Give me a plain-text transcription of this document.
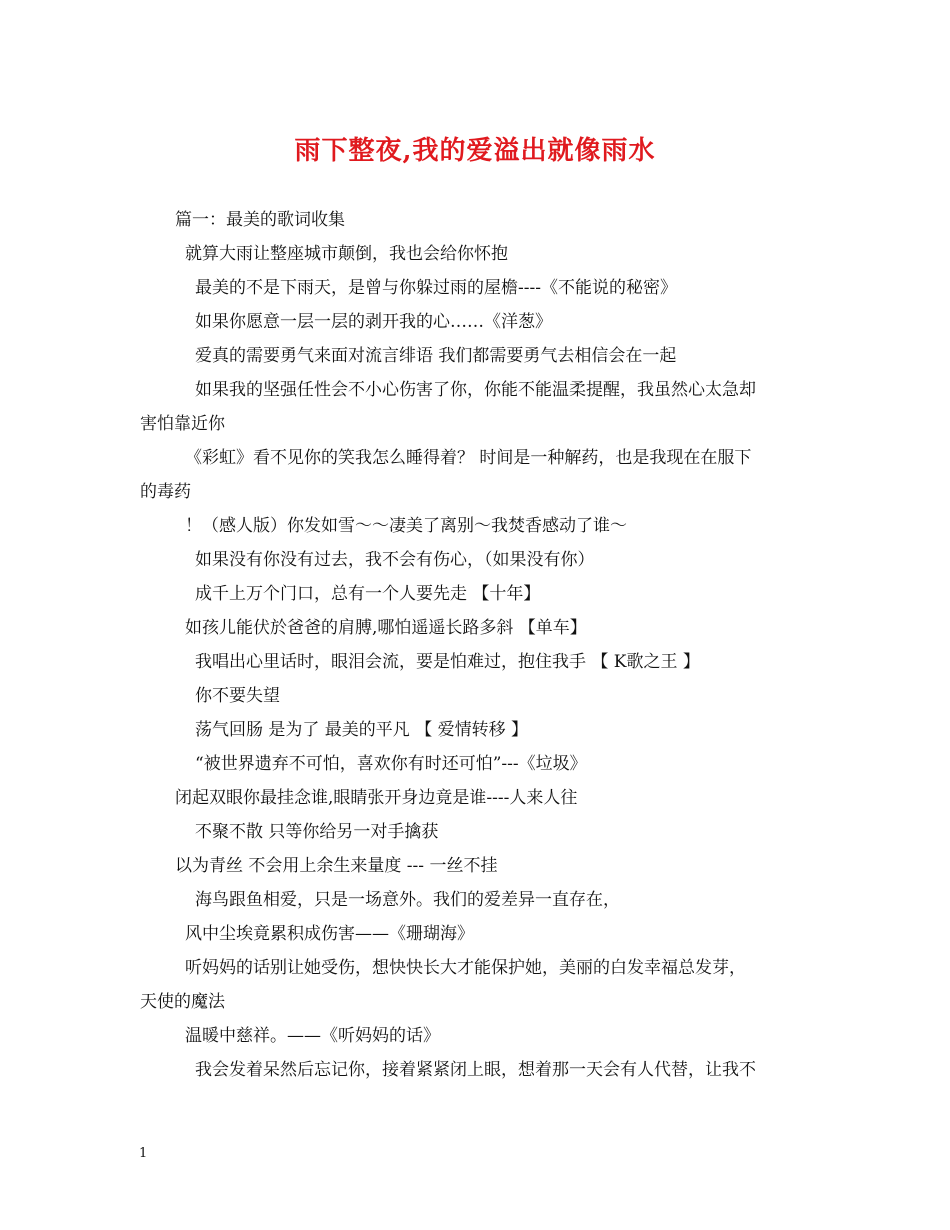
雨下整夜,我的爱溢出就像雨水
篇一：最美的歌词收集
就算大雨让整座城市颠倒，我也会给你怀抱
最美的不是下雨天，是曾与你躲过雨的屋檐----《不能说的秘密》
如果你愿意一层一层的剥开我的心……《洋葱》
爱真的需要勇气来面对流言绯语 我们都需要勇气去相信会在一起
如果我的坚强任性会不小心伤害了你，你能不能温柔提醒，我虽然心太急却
害怕靠近你
《彩虹》看不见你的笑我怎么睡得着？ 时间是一种解药，也是我现在在服下
的毒药
！（感人版）你发如雪～～凄美了离别～我焚香感动了谁～
如果没有你没有过去，我不会有伤心，（如果没有你）
成千上万个门口，总有一个人要先走 【十年】
如孩儿能伏於爸爸的肩膊,哪怕遥遥长路多斜 【单车】
我唱出心里话时，眼泪会流，要是怕难过，抱住我手 【 K歌之王 】
你不要失望
荡气回肠 是为了 最美的平凡 【 爱情转移 】
“被世界遗弃不可怕，喜欢你有时还可怕”---《垃圾》
闭起双眼你最挂念谁,眼睛张开身边竟是谁----人来人往
不聚不散 只等你给另一对手擒获
以为青丝 不会用上余生来量度 --- 一丝不挂
海鸟跟鱼相爱，只是一场意外。我们的爱差异一直存在，
风中尘埃竟累积成伤害——《珊瑚海》
听妈妈的话别让她受伤，想快快长大才能保护她，美丽的白发幸福总发芽，
天使的魔法
温暖中慈祥。——《听妈妈的话》
我会发着呆然后忘记你，接着紧紧闭上眼，想着那一天会有人代替，让我不
1
